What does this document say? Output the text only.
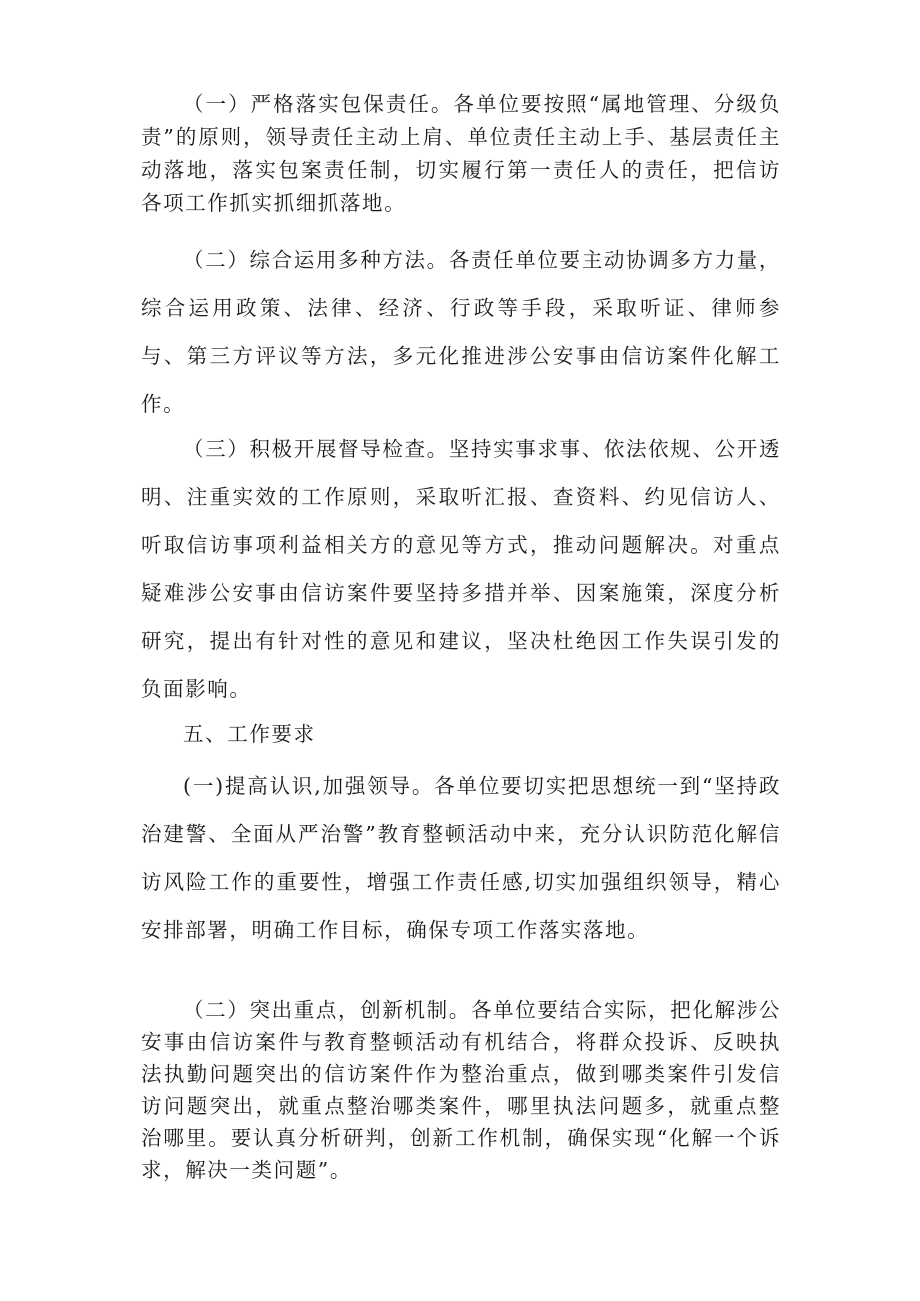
（一）严格落实包保责任。各单位要按照“属地管理、分级负责”的原则，领导责任主动上肩、单位责任主动上手、基层责任主动落地，落实包案责任制，切实履行第一责任人的责任，把信访各项工作抓实抓细抓落地。

（二）综合运用多种方法。各责任单位要主动协调多方力量，综合运用政策、法律、经济、行政等手段，采取听证、律师参与、第三方评议等方法，多元化推进涉公安事由信访案件化解工作。

（三）积极开展督导检查。坚持实事求事、依法依规、公开透明、注重实效的工作原则，采取听汇报、查资料、约见信访人、听取信访事项利益相关方的意见等方式，推动问题解决。对重点疑难涉公安事由信访案件要坚持多措并举、因案施策，深度分析研究，提出有针对性的意见和建议，坚决杜绝因工作失误引发的负面影响。

五、工作要求

(一)提高认识,加强领导。各单位要切实把思想统一到“坚持政治建警、全面从严治警”教育整顿活动中来，充分认识防范化解信访风险工作的重要性，增强工作责任感,切实加强组织领导，精心安排部署，明确工作目标，确保专项工作落实落地。

（二）突出重点，创新机制。各单位要结合实际，把化解涉公安事由信访案件与教育整顿活动有机结合，将群众投诉、反映执法执勤问题突出的信访案件作为整治重点，做到哪类案件引发信访问题突出，就重点整治哪类案件，哪里执法问题多，就重点整治哪里。要认真分析研判，创新工作机制，确保实现“化解一个诉求，解决一类问题”。
